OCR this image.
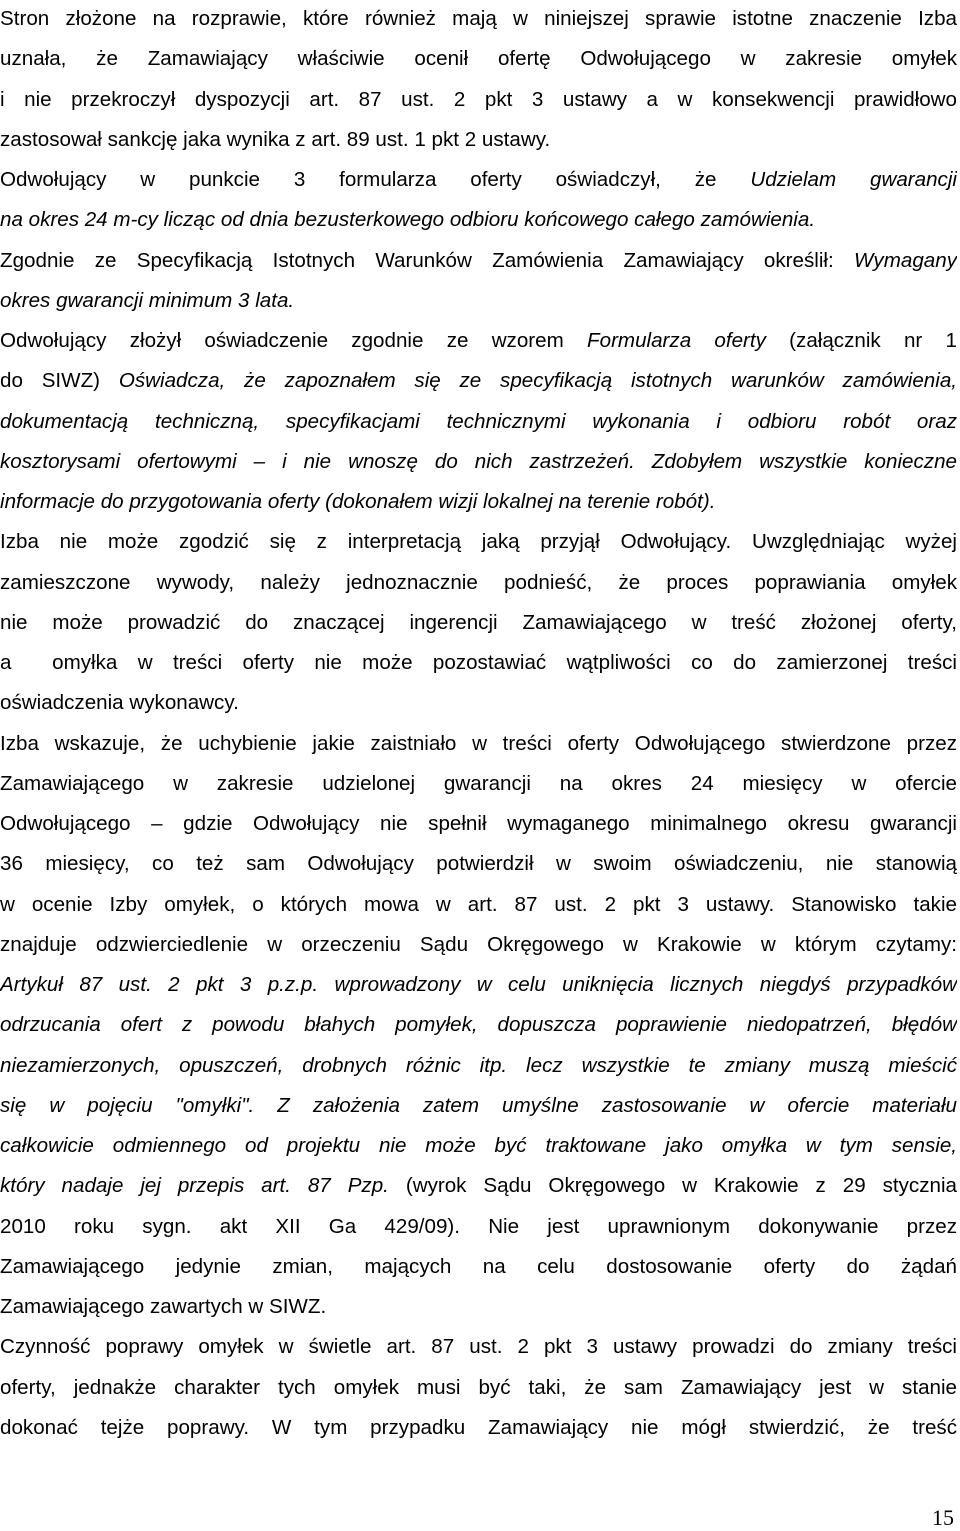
Stron złożone na rozprawie, które również mają w niniejszej sprawie istotne znaczenie Izba
uznała, że Zamawiający właściwie ocenił ofertę Odwołującego w zakresie omyłek
i nie przekroczył dyspozycji art. 87 ust. 2 pkt 3 ustawy a w konsekwencji prawidłowo
zastosował sankcję jaka wynika z art. 89 ust. 1 pkt 2 ustawy.
Odwołujący w punkcie 3 formularza oferty oświadczył, że Udzielam gwarancji
na okres 24 m-cy licząc od dnia bezusterkowego odbioru końcowego całego zamówienia.
Zgodnie ze Specyfikacją Istotnych Warunków Zamówienia Zamawiający określił: Wymagany
okres gwarancji minimum 3 lata.
Odwołujący złożył oświadczenie zgodnie ze wzorem Formularza oferty (załącznik nr 1
do SIWZ) Oświadcza, że zapoznałem się ze specyfikacją istotnych warunków zamówienia,
dokumentacją techniczną, specyfikacjami technicznymi wykonania i odbioru robót oraz
kosztorysami ofertowymi – i nie wnoszę do nich zastrzeżeń. Zdobyłem wszystkie konieczne
informacje do przygotowania oferty (dokonałem wizji lokalnej na terenie robót).
Izba nie może zgodzić się z interpretacją jaką przyjął Odwołujący. Uwzględniając wyżej
zamieszczone wywody, należy jednoznacznie podnieść, że proces poprawiania omyłek
nie może prowadzić do znaczącej ingerencji Zamawiającego w treść złożonej oferty,
a  omyłka w treści oferty nie może pozostawiać wątpliwości co do zamierzonej treści
oświadczenia wykonawcy.
Izba wskazuje, że uchybienie jakie zaistniało w treści oferty Odwołującego stwierdzone przez
Zamawiającego w zakresie udzielonej gwarancji na okres 24 miesięcy w ofercie
Odwołującego – gdzie Odwołujący nie spełnił wymaganego minimalnego okresu gwarancji
36 miesięcy, co też sam Odwołujący potwierdził w swoim oświadczeniu, nie stanowią
w ocenie Izby omyłek, o których mowa w art. 87 ust. 2 pkt 3 ustawy. Stanowisko takie
znajduje odzwierciedlenie w orzeczeniu Sądu Okręgowego w Krakowie w którym czytamy:
Artykuł 87 ust. 2 pkt 3 p.z.p. wprowadzony w celu uniknięcia licznych niegdyś przypadków
odrzucania ofert z powodu błahych pomyłek, dopuszcza poprawienie niedopatrzeń, błędów
niezamierzonych, opuszczeń, drobnych różnic itp. lecz wszystkie te zmiany muszą mieścić
się w pojęciu "omyłki". Z założenia zatem umyślne zastosowanie w ofercie materiału
całkowicie odmiennego od projektu nie może być traktowane jako omyłka w tym sensie,
który nadaje jej przepis art. 87 Pzp. (wyrok Sądu Okręgowego w Krakowie z 29 stycznia
2010 roku sygn. akt XII Ga 429/09). Nie jest uprawnionym dokonywanie przez
Zamawiającego jedynie zmian, mających na celu dostosowanie oferty do żądań
Zamawiającego zawartych w SIWZ.
Czynność poprawy omyłek w świetle art. 87 ust. 2 pkt 3 ustawy prowadzi do zmiany treści
oferty, jednakże charakter tych omyłek musi być taki, że sam Zamawiający jest w stanie
dokonać tejże poprawy. W tym przypadku Zamawiający nie mógł stwierdzić, że treść
15
